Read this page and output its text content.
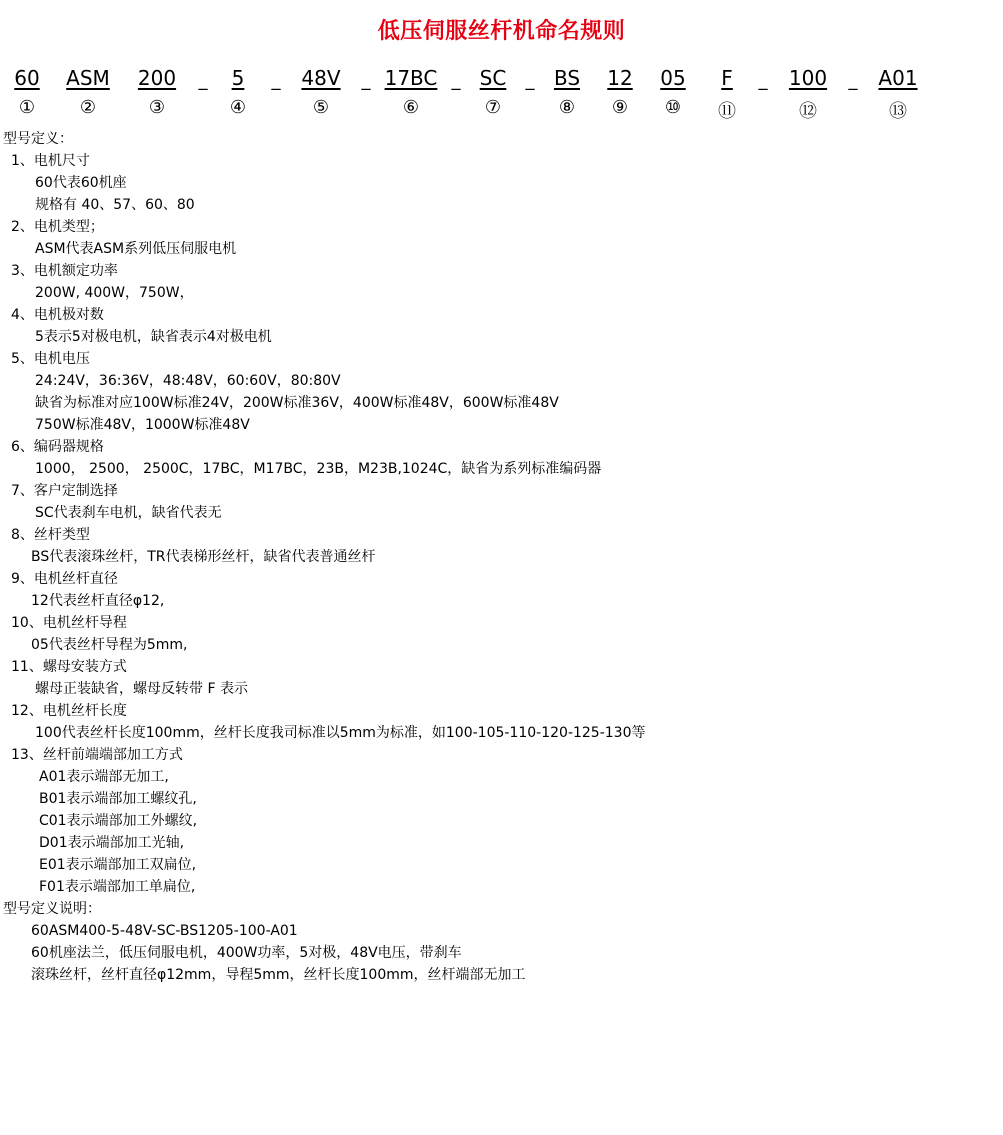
低压伺服丝杆机命名规则
60 ASM 200	5	48V 17BC SC BS 12 05 F	100	A01
_	_	_	_	_	_	_
① ②	③	④	⑤	⑥	⑦	⑧ ⑨ ⑩ ⑪	⑫	⑬
型号定义：
1、电机尺寸
60代表60机座
规格有 40、57、60、80
2、电机类型；
ASM代表ASM系列低压伺服电机
3、电机额定功率
200W, 400W，750W，
4、电机极对数
5表示5对极电机，缺省表示4对极电机
5、电机电压
24:24V，36:36V，48:48V，60:60V，80:80V
缺省为标准对应100W标准24V，200W标准36V，400W标准48V，600W标准48V
750W标准48V，1000W标准48V
6、编码器规格
1000， 2500， 2500C，17BC，M17BC，23B，M23B,1024C，缺省为系列标准编码器
7、客户定制选择
SC代表刹车电机，缺省代表无
8、丝杆类型
BS代表滚珠丝杆，TR代表梯形丝杆，缺省代表普通丝杆
9、电机丝杆直径
12代表丝杆直径φ12,
10、电机丝杆导程
05代表丝杆导程为5mm,
11、螺母安装方式
螺母正装缺省，螺母反转带 F 表示
12、电机丝杆长度
100代表丝杆长度100mm，丝杆长度我司标准以5mm为标准，如100-105-110-120-125-130等
13、丝杆前端端部加工方式
A01表示端部无加工,
B01表示端部加工螺纹孔,
C01表示端部加工外螺纹,
D01表示端部加工光轴,
E01表示端部加工双扁位,
F01表示端部加工单扁位,
型号定义说明：
60ASM400-5-48V-SC-BS1205-100-A01
60机座法兰，低压伺服电机，400W功率，5对极，48V电压，带刹车
滚珠丝杆，丝杆直径φ12mm，导程5mm，丝杆长度100mm，丝杆端部无加工
